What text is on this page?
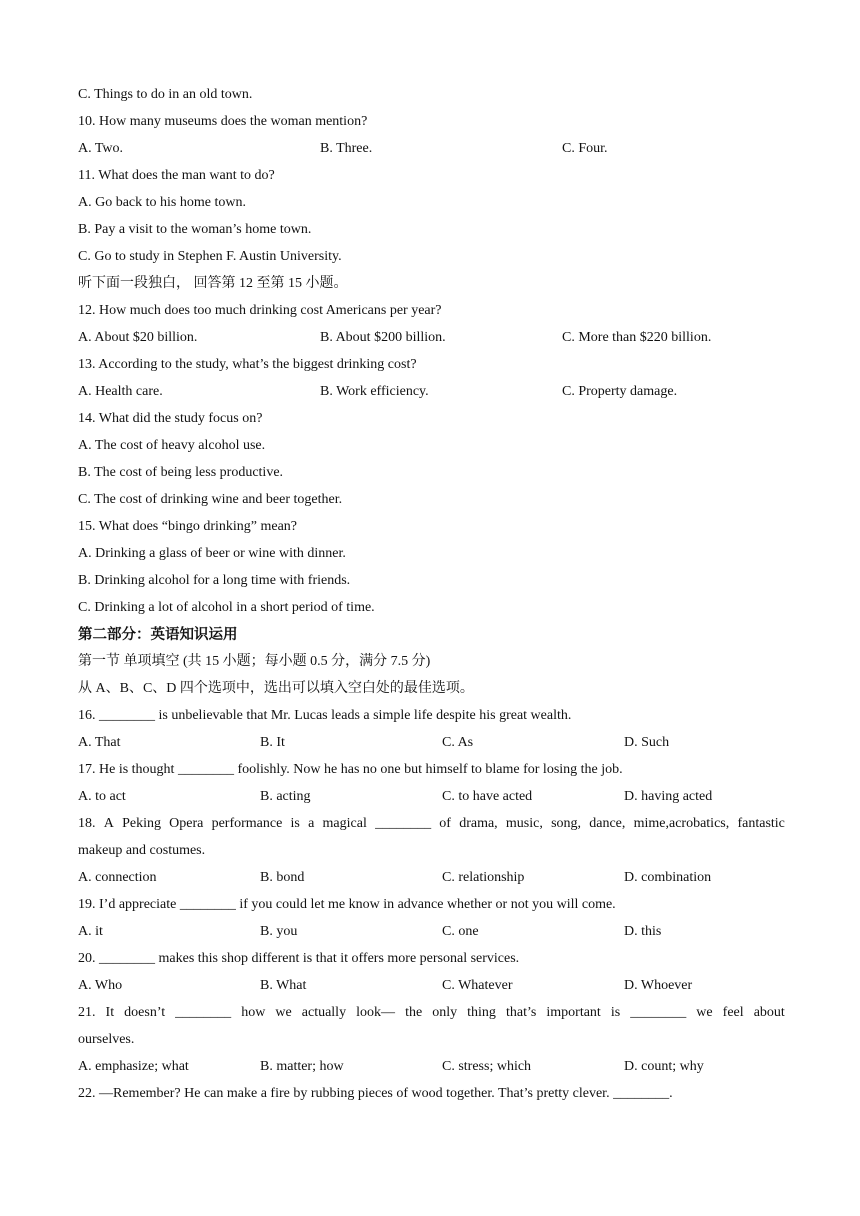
C. Things to do in an old town.
10. How many museums does the woman mention?
A. Two.	B. Three.	C. Four.
11. What does the man want to do?
A. Go back to his home town.
B. Pay a visit to the woman’s home town.
C. Go to study in Stephen F. Austin University.
听下面一段独白， 回答第 12 至第 15 小题。
12. How much does too much drinking cost Americans per year?
A. About $20 billion.	B. About $200 billion.	C. More than $220 billion.
13. According to the study, what’s the biggest drinking cost?
A. Health care.	B. Work efficiency.	C. Property damage.
14. What did the study focus on?
A. The cost of heavy alcohol use.
B. The cost of being less productive.
C. The cost of drinking wine and beer together.
15. What does “bingo drinking” mean?
A. Drinking a glass of beer or wine with dinner.
B. Drinking alcohol for a long time with friends.
C. Drinking a lot of alcohol in a short period of time.
第二部分：英语知识运用
第一节 单项填空 (共 15 小题；每小题 0.5 分，满分 7.5 分)
从 A、B、C、D 四个选项中，选出可以填入空白处的最佳选项。
16. ________ is unbelievable that Mr. Lucas leads a simple life despite his great wealth.
A. That	B. It	C. As	D. Such
17. He is thought ________ foolishly. Now he has no one but himself to blame for losing the job.
A. to act	B. acting	C. to have acted	D. having acted
18. A Peking Opera performance is a magical ________ of drama, music, song, dance, mime,acrobatics, fantastic
makeup and costumes.
A. connection	B. bond	C. relationship	D. combination
19. I’d appreciate ________ if you could let me know in advance whether or not you will come.
A. it	B. you	C. one	D. this
20. ________ makes this shop different is that it offers more personal services.
A. Who	B. What	C. Whatever	D. Whoever
21. It doesn’t ________ how we actually look— the only thing that’s important is ________ we feel about
ourselves.
A. emphasize; what	B. matter; how	C. stress; which	D. count; why
22. —Remember? He can make a fire by rubbing pieces of wood together. That’s pretty clever. ________.
